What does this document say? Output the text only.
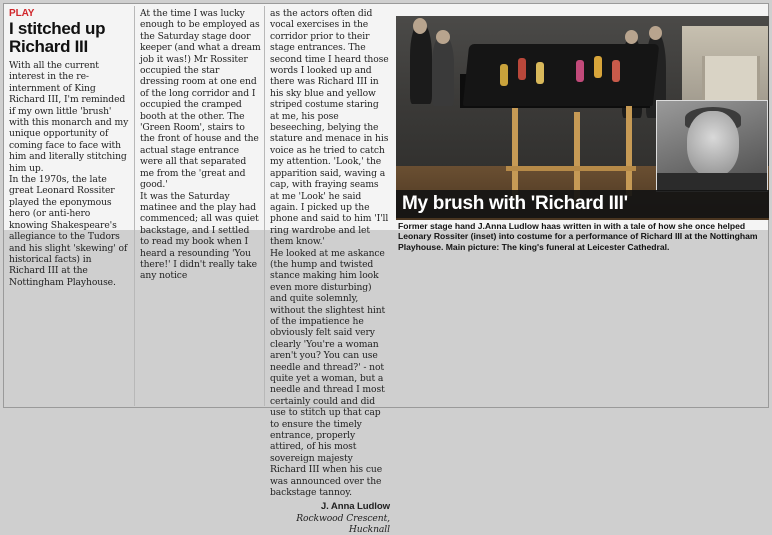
PLAY
I stitched up Richard III

With all the current interest in the re-internment of King Richard III, I'm reminded if my own little 'brush' with this monarch and my unique opportunity of coming face to face with him and literally stitching him up.

In the 1970s, the late great Leonard Rossiter played the eponymous hero (or anti-hero knowing Shakespeare's allegiance to the Tudors and his slight 'skewing' of historical facts) in Richard III at the Nottingham Playhouse.

At the time I was lucky enough to be employed as the Saturday stage door keeper (and what a dream job it was!) Mr Rossiter occupied the star dressing room at one end of the long corridor and I occupied the cramped booth at the other. The 'Green Room', stairs to the front of house and the actual stage entrance were all that separated me from the 'great and good.'

It was the Saturday matinee and the play had commenced; all was quiet backstage, and I settled to read my book when I heard a resounding 'You there!' I didn't really take any notice

as the actors often did vocal exercises in the corridor prior to their stage entrances. The second time I heard those words I looked up and there was Richard III in his sky blue and yellow striped costume staring at me, his pose beseeching, belying the stature and menace in his voice as he tried to catch my attention. 'Look,' the apparition said, waving a cap, with fraying seams at me 'Look' he said again. I picked up the phone and said to him 'I'll ring wardrobe and let them know.'

He looked at me askance (the hump and twisted stance making him look even more disturbing) and quite solemnly, without the slightest hint of the impatience he obviously felt said very clearly 'You're a woman aren't you? You can use needle and thread?' - not quite yet a woman, but a needle and thread I most certainly could and did use to stitch up that cap to ensure the timely entrance, properly attired, of his most sovereign majesty Richard III when his cue was announced over the backstage tannoy.

J. Anna Ludlow
Rockwood Crescent,
Hucknall
My brush with 'Richard III'
Former stage hand J.Anna Ludlow haas written in with a tale of how she once helped Leonary Rossiter (inset) into costume for a performance of Richard III at the Nottingham Playhouse. Main picture: The king's funeral at Leicester Cathedral.
